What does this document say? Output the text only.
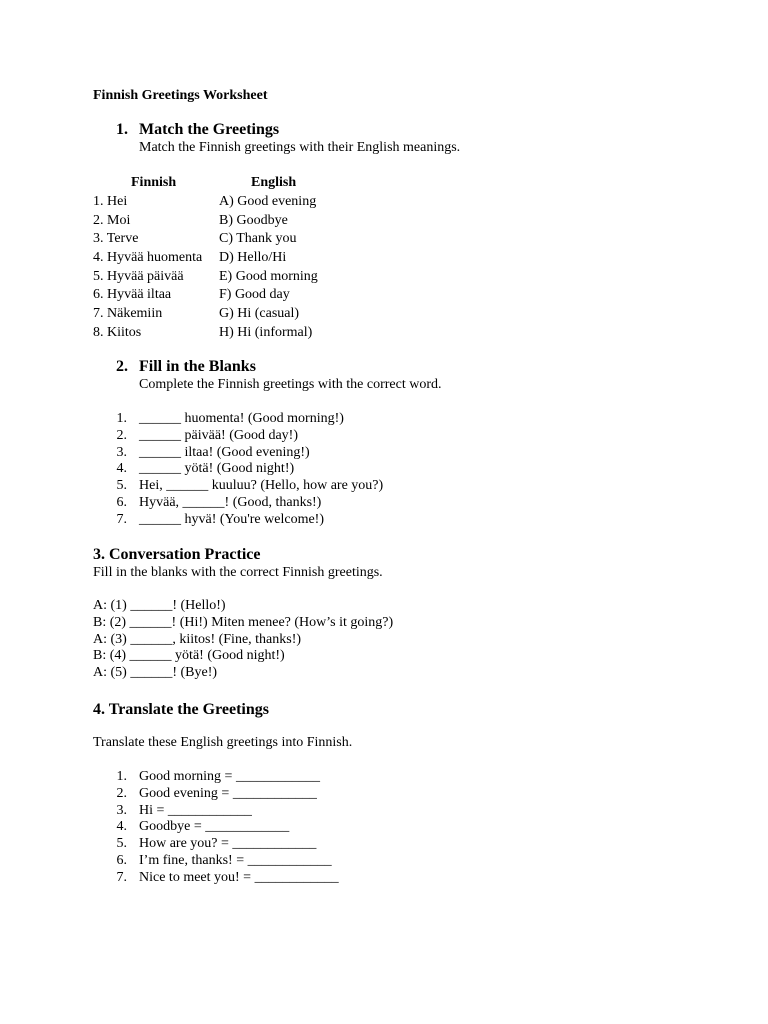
Finnish Greetings Worksheet
1. Match the Greetings
Match the Finnish greetings with their English meanings.
Finnish	English
1. Hei	A) Good evening
2. Moi	B) Goodbye
3. Terve	C) Thank you
4. Hyvää huomenta D) Hello/Hi
5. Hyvää päivää	E) Good morning
6. Hyvää iltaa	F) Good day
7. Näkemiin	G) Hi (casual)
8. Kiitos	H) Hi (informal)
2. Fill in the Blanks
Complete the Finnish greetings with the correct word.
1. ______ huomenta! (Good morning!)
2. ______ päivää! (Good day!)
3. ______ iltaa! (Good evening!)
4. ______ yötä! (Good night!)
5. Hei, ______ kuuluu? (Hello, how are you?)
6. Hyvää, ______! (Good, thanks!)
7. ______ hyvä! (You're welcome!)
3. Conversation Practice
Fill in the blanks with the correct Finnish greetings.
A: (1) ______! (Hello!)
B: (2) ______! (Hi!) Miten menee? (How’s it going?)
A: (3) ______, kiitos! (Fine, thanks!)
B: (4) ______ yötä! (Good night!)
A: (5) ______! (Bye!)
4. Translate the Greetings
Translate these English greetings into Finnish.
1. Good morning = ____________
2. Good evening = ____________
3. Hi = ____________
4. Goodbye = ____________
5. How are you? = ____________
6. I’m fine, thanks! = ____________
7. Nice to meet you! = ____________
